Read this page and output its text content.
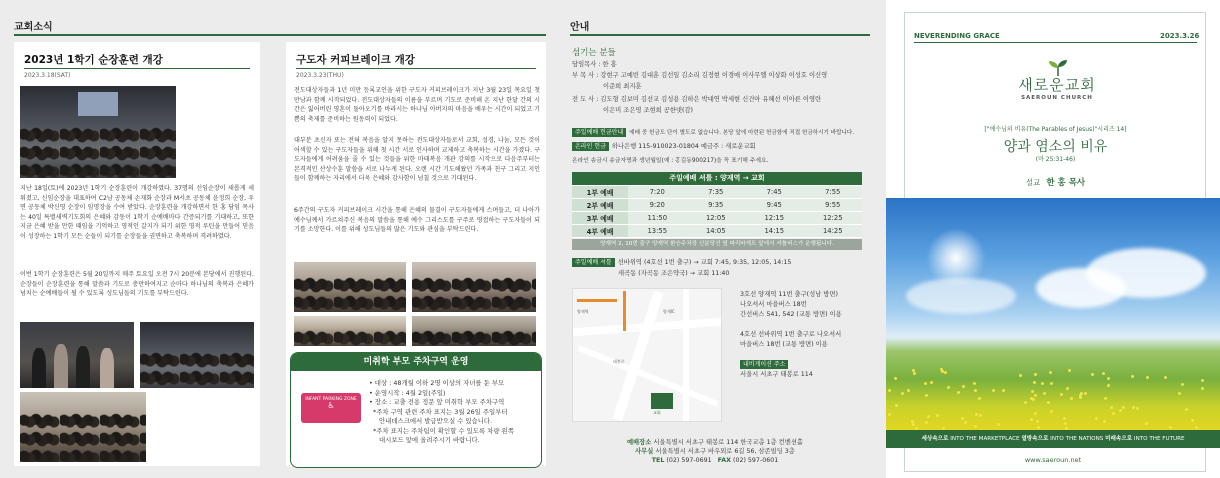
교회소식	안내
2023년 1학기 순장훈련 개강
2023.3.18(SAT)
지난 18일(토)에 2023년 1학기 순장훈련이 개강하였다. 37명의 신임순장이 새롭게 세워졌고, 신임순장을 대표하여 C2남 공동체 손재화 순장과 M서초 공동체 윤정희 순장, 우면 공동체 박신영 순장이 임명장을 수여 받았다. 순장훈련을 개강하면서 한 홍 담임 목사는 40일 특별새벽기도회의 은혜와 감동이 1학기 순예배마다 간증되기를 기대하고, 또한 지금 은혜 받을 만한 때임을 기억하고 영적인 갈지가 되기 위한 영적 루틴을 만들어 믿음이 성장하는 1학기 모든 순들이 되기를 순장들을 권면하고 축복하며 격려하였다.
이번 1학기 순장훈련은 5월 20일까지 매주 토요일 오전 7시 20분에 본당에서 진행된다. 순장들이 순장훈련을 통해 말씀과 기도로 충만하여지고 순마다 하나님의 축복과 은혜가 넘치는 순예배들이 될 수 있도록 성도님들의 기도를 부탁드린다.
구도자 커피브레이크 개강
2023.3.23(THU)
전도대상자들과 1년 미만 등록교인을 위한 구도자 커피브레이크가 지난 3월 23일 목요일 첫 만남과 함께 시작되었다. 전도대상자들의 이름을 부르며 기도로 준비해 온 지난 한달 간의 시간은 잃어버린 영혼이 돌아오기를 바라시는 하나님 아버지의 마음을 배우는 시간이 되었고 기쁨의 축제를 준비하는 원동력이 되었다.
대부분 초신자 또는 전혀 복음을 알지 못하는 전도대상자들로서 교회, 성경, 나눔, 모든 것이 어색할 수 있는 구도자들을 위해 첫 시간 서로 인사하며 교제하고 축복하는 시간을 가졌다. 구도자들에게 어려움을 줄 수 있는 것들을 위한 마태복음 개관 강의를 시작으로 다음주부터는 본격적인 산상수훈 말씀을 서로 나누게 된다. 오랜 시간 기도해왔던 가족과 친구 그리고 지인들이 함께하는 자리에서 더욱 은혜와 감사함이 넘칠 것으로 기대된다.
6주간의 구도자 커피브레이크 시간을 통해 은혜의 물결이 구도자들에게 스며들고, 더 나아가 예수님께서 가르쳐주신 복음의 말씀을 통해 예수 그리스도를 구주로 영접하는 구도자들이 되기를 소망한다. 이를 위해 성도님들의 많은 기도와 관심을 부탁드린다.
미취학 부모 주차구역 운영
INFANT PARKING ZONE
♿
• 대상 : 48개월 이하 2명 이상의 자녀를 둔 부모
• 운영시작 : 4월 2일(주일)
• 장소 : 교출 전용 정문 앞 미취학 부모 주차구역
*주차 구역 관련 주차 표지는 3월 26일 주일부터
안내데스크에서 발급받으실 수 있습니다.
*주차 표지는 주차팀이 확인할 수 있도록 차량 왼쪽
대시보드 앞에 올려주시기 바랍니다.
섬기는 분들
담임목사 : 한 홍
부 목 사 : 강현구 고예빈 김대훈 김선일 김소리 김정현 이경애 이사무엘 이상화 이성호 이신영
이준희 최지훈
전 도 사 : 김도형 김보미 김선교 김성용 김하은 박대연 박세현 신건아 유혜선 이아른 이영란
이은미 조은영 조현희 공한넷(감)
주일예배 헌금안내 예배 중 헌금도 단이 별도로 없습니다. 본당 앞에 마련된 헌금함에 직접 헌금하시기 바랍니다.
온라인 헌금 하나은행 115-910023-01804 예금주 : 새로운교회
온라인 송금시 송금자명과 생년월일(예 : 홍길동900217)을 꼭 표기해 주세요.
주일예배 셔틀 : 양재역 → 교회				
1부 예배	7:20	7:35	7:45	7:55
2부 예배	9:20	9:35	9:45	9:55
3부 예배	11:50	12:05	12:15	12:25
4부 예배	13:55	14:05	14:15	14:25
양재역 2, 10번 출구 양재역 환승주차장 신분당선 옆 파리바게트 앞에서 셔틀버스가 운행됩니다.
주일예배 셔틀 선바위역 (4호선 1번 출구) → 교회 7:45, 9:35, 12:05, 14:15
새곡동 (자곡동 조은약국) → 교회 11:40
양재역	양재IC
태봉로
교회
3호선 양재역 11번 출구(성남 방면)
나오셔서 마을버스 18번
간선버스 541, 542 (교통 방면) 이용
4호선 선바위역 1번 출구로 나오셔서
마을버스 18번 (교통 방면) 이용
내비게이션 주소
서울시 서초구 태봉로 114
예배장소 서울특별시 서초구 태봉로 114 한국교총 1층 컨벤션홀
사무실 서울특별시 서초구 바우뫼로 6길 56, 삼존빌딩 3층
TEL (02) 597-0691 FAX (02) 597-0601
NEVERENDING GRACE	2023.3.26
새로운교회
SAEROUN CHURCH
["예수님의 비유(The Parables of Jesus)"시리즈 14]
양과 염소의 비유
(마 25:31-46)
설교 한 홍 목사
세상속으로 INTO THE MARKETPLACE 열방속으로 INTO THE NATIONS 미래속으로 INTO THE FUTURE
www.saeroun.net
